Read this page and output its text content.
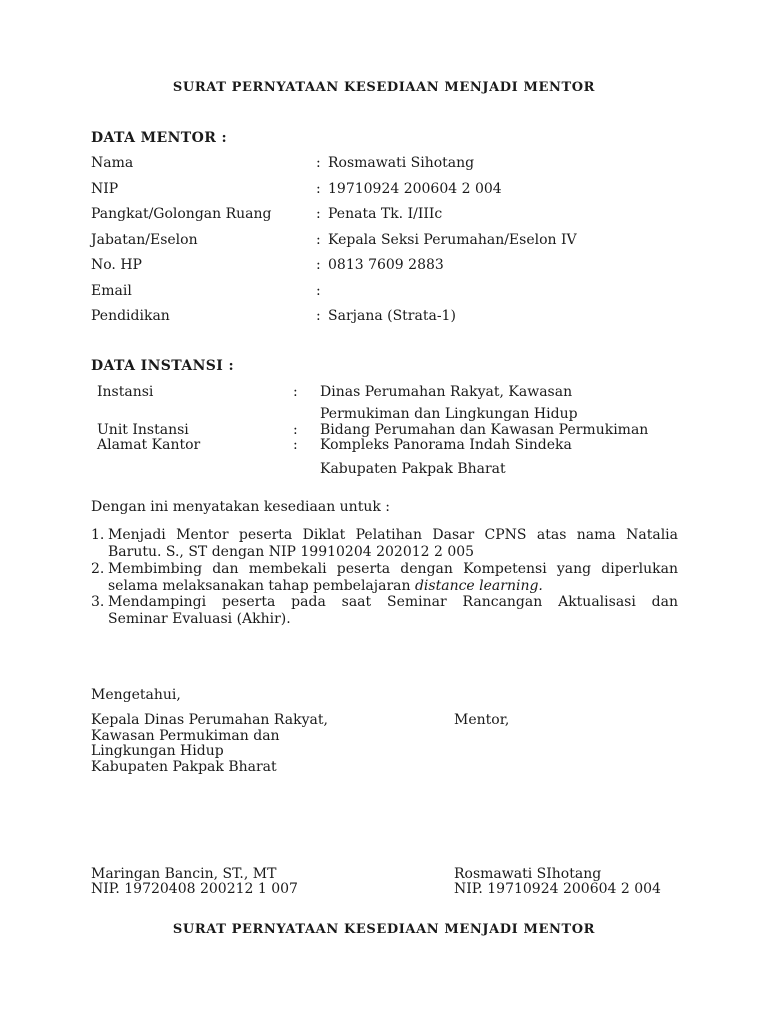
SURAT PERNYATAAN KESEDIAAN MENJADI MENTOR
DATA MENTOR :
Nama	: Rosmawati Sihotang
NIP	: 19710924 200604 2 004
Pangkat/Golongan Ruang	: Penata Tk. I/IIIc
Jabatan/Eselon	: Kepala Seksi Perumahan/Eselon IV
No. HP	: 0813 7609 2883
Email	:
Pendidikan	: Sarjana (Strata-1)
DATA INSTANSI :
Instansi	: Dinas Perumahan Rakyat, Kawasan
Permukiman dan Lingkungan Hidup
Unit Instansi	: Bidang Perumahan dan Kawasan Permukiman
Alamat Kantor	: Kompleks Panorama Indah Sindeka
Kabupaten Pakpak Bharat
Dengan ini menyatakan kesediaan untuk :
1. Menjadi Mentor peserta Diklat Pelatihan Dasar CPNS atas nama Natalia
Barutu. S., ST dengan NIP 19910204 202012 2 005
2. Membimbing dan membekali peserta dengan Kompetensi yang diperlukan
selama melaksanakan tahap pembelajaran distance learning.
3. Mendampingi peserta pada saat Seminar Rancangan Aktualisasi dan
Seminar Evaluasi (Akhir).
Mengetahui,
Kepala Dinas Perumahan Rakyat,
Kawasan Permukiman dan
Lingkungan Hidup
Kabupaten Pakpak Bharat
Mentor,
Maringan Bancin, ST., MT
NIP. 19720408 200212 1 007
Rosmawati SIhotang
NIP. 19710924 200604 2 004
SURAT PERNYATAAN KESEDIAAN MENJADI MENTOR
